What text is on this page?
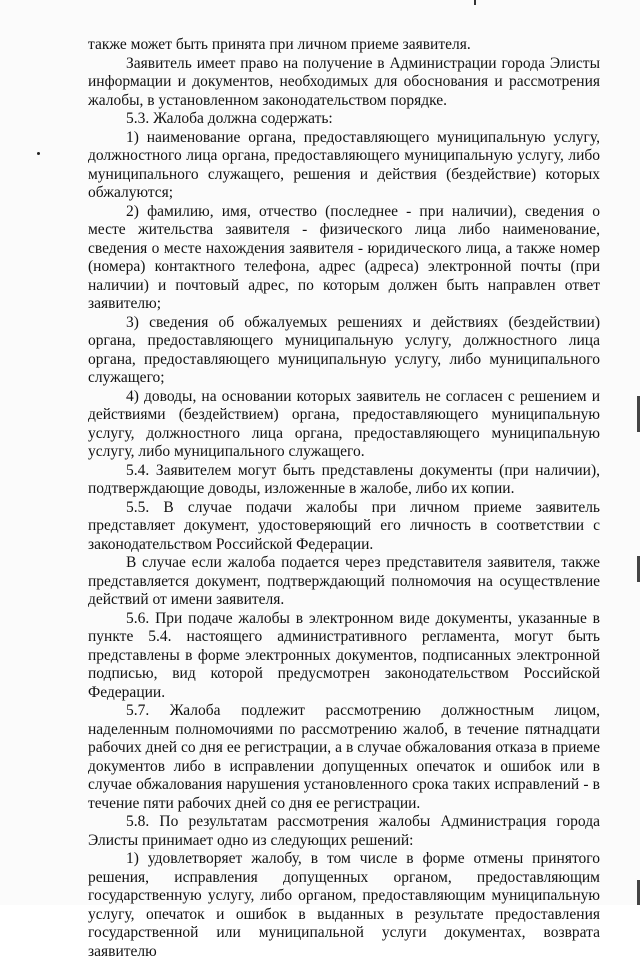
также может быть принята при личном приеме заявителя.

Заявитель имеет право на получение в Администрации города Элисты информации и документов, необходимых для обоснования и рассмотрения жалобы, в установленном законодательством порядке.

5.3. Жалоба должна содержать:

1) наименование органа, предоставляющего муниципальную услугу, должностного лица органа, предоставляющего муниципальную услугу, либо муниципального служащего, решения и действия (бездействие) которых обжалуются;

2) фамилию, имя, отчество (последнее - при наличии), сведения о месте жительства заявителя - физического лица либо наименование, сведения о месте нахождения заявителя - юридического лица, а также номер (номера) контактного телефона, адрес (адреса) электронной почты (при наличии) и почтовый адрес, по которым должен быть направлен ответ заявителю;

3) сведения об обжалуемых решениях и действиях (бездействии) органа, предоставляющего муниципальную услугу, должностного лица органа, предоставляющего муниципальную услугу, либо муниципального служащего;

4) доводы, на основании которых заявитель не согласен с решением и действиями (бездействием) органа, предоставляющего муниципальную услугу, должностного лица органа, предоставляющего муниципальную услугу, либо муниципального служащего.

5.4. Заявителем могут быть представлены документы (при наличии), подтверждающие доводы, изложенные в жалобе, либо их копии.

5.5. В случае подачи жалобы при личном приеме заявитель представляет документ, удостоверяющий его личность в соответствии с законодательством Российской Федерации.

В случае если жалоба подается через представителя заявителя, также представляется документ, подтверждающий полномочия на осуществление действий от имени заявителя.

5.6. При подаче жалобы в электронном виде документы, указанные в пункте 5.4. настоящего административного регламента, могут быть представлены в форме электронных документов, подписанных электронной подписью, вид которой предусмотрен законодательством Российской Федерации.

5.7. Жалоба подлежит рассмотрению должностным лицом, наделенным полномочиями по рассмотрению жалоб, в течение пятнадцати рабочих дней со дня ее регистрации, а в случае обжалования отказа в приеме документов либо в исправлении допущенных опечаток и ошибок или в случае обжалования нарушения установленного срока таких исправлений - в течение пяти рабочих дней со дня ее регистрации.

5.8. По результатам рассмотрения жалобы Администрация города Элисты принимает одно из следующих решений:

1) удовлетворяет жалобу, в том числе в форме отмены принятого решения, исправления допущенных органом, предоставляющим государственную услугу, либо органом, предоставляющим муниципальную услугу, опечаток и ошибок в выданных в результате предоставления государственной или муниципальной услуги документах, возврата заявителю
